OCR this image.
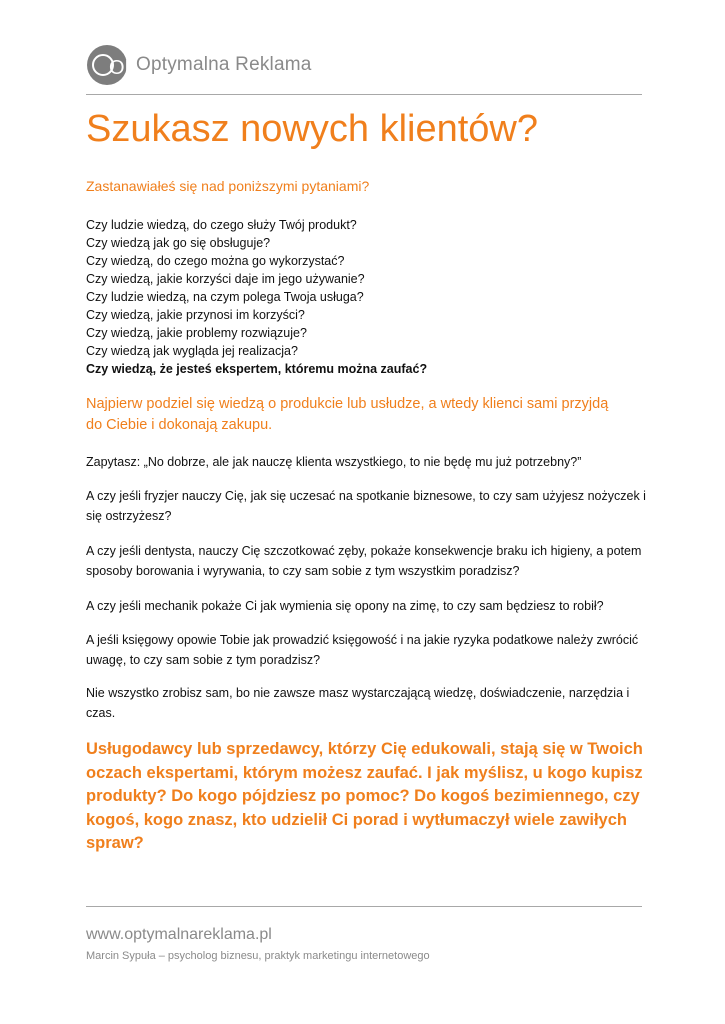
OR
Optymalna Reklama
Szukasz nowych klientów?
Zastanawiałeś się nad poniższymi pytaniami?
Czy ludzie wiedzą, do czego służy Twój produkt?
Czy wiedzą jak go się obsługuje?
Czy wiedzą, do czego można go wykorzystać?
Czy wiedzą, jakie korzyści daje im jego używanie?
Czy ludzie wiedzą, na czym polega Twoja usługa?
Czy wiedzą, jakie przynosi im korzyści?
Czy wiedzą, jakie problemy rozwiązuje?
Czy wiedzą jak wygląda jej realizacja?
Czy wiedzą, że jesteś ekspertem, któremu można zaufać?
Najpierw podziel się wiedzą o produkcie lub usłudze, a wtedy klienci sami przyjdą do Ciebie i dokonają zakupu.

Zapytasz: „No dobrze, ale jak nauczę klienta wszystkiego, to nie będę mu już potrzebny?”

A czy jeśli fryzjer nauczy Cię, jak się uczesać na spotkanie biznesowe, to czy sam użyjesz nożyczek i się ostrzyżesz?

A czy jeśli dentysta, nauczy Cię szczotkować zęby, pokaże konsekwencje braku ich higieny, a potem sposoby borowania i wyrywania, to czy sam sobie z tym wszystkim poradzisz?

A czy jeśli mechanik pokaże Ci jak wymienia się opony na zimę, to czy sam będziesz to robił?

A jeśli księgowy opowie Tobie jak prowadzić księgowość i na jakie ryzyka podatkowe należy zwrócić uwagę, to czy sam sobie z tym poradzisz?

Nie wszystko zrobisz sam, bo nie zawsze masz wystarczającą wiedzę, doświadczenie, narzędzia i czas.

Usługodawcy lub sprzedawcy, którzy Cię edukowali, stają się w Twoich oczach ekspertami, którym możesz zaufać. I jak myślisz, u kogo kupisz produkty? Do kogo pójdziesz po pomoc? Do kogoś bezimiennego, czy kogoś, kogo znasz, kto udzielił Ci porad i wytłumaczył wiele zawiłych spraw?
www.optymalnareklama.pl
Marcin Sypuła – psycholog biznesu, praktyk marketingu internetowego
